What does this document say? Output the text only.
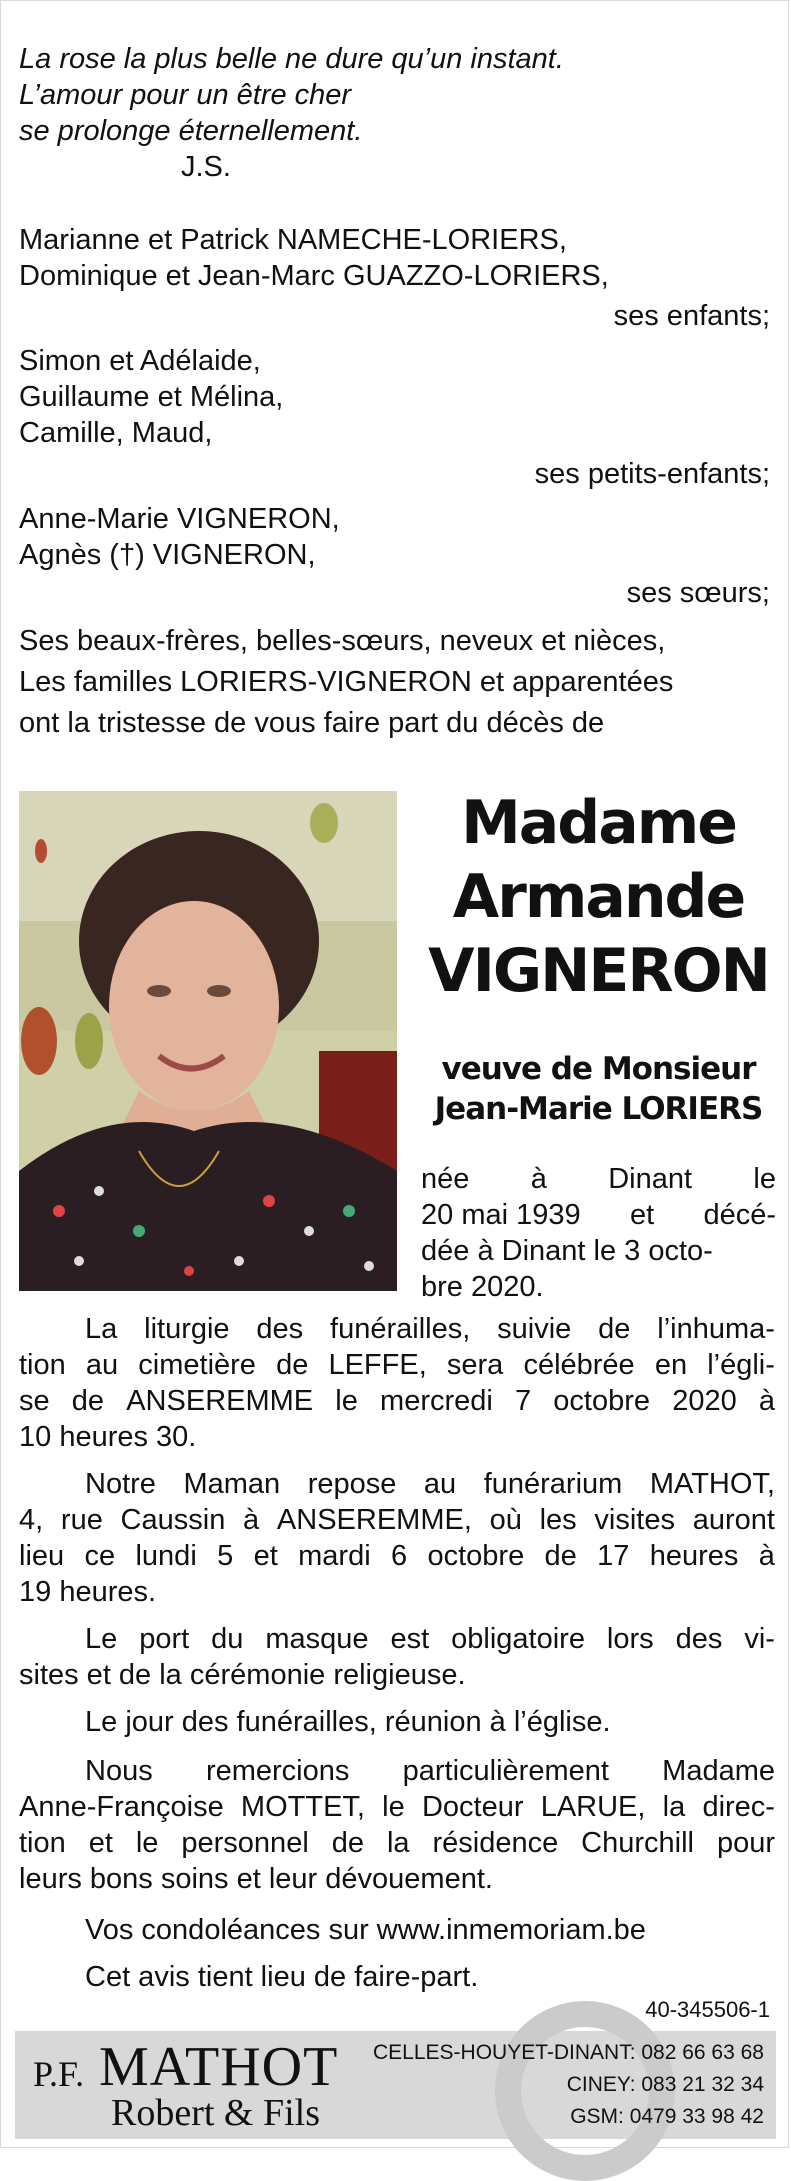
La rose la plus belle ne dure qu’un instant.
L’amour pour un être cher
se prolonge éternellement.
J.S.
Marianne et Patrick NAMECHE-LORIERS,
Dominique et Jean-Marc GUAZZO-LORIERS,
ses enfants;
Simon et Adélaide,
Guillaume et Mélina,
Camille, Maud,
ses petits-enfants;
Anne-Marie VIGNERON,
Agnès (†) VIGNERON,
ses sœurs;
Ses beaux-frères, belles-sœurs, neveux et nièces,
Les familles LORIERS-VIGNERON et apparentées
ont la tristesse de vous faire part du décès de
Madame
Armande
VIGNERON
veuve de Monsieur
Jean-Marie LORIERS
née à Dinant le
20 mai 1939 et décé-
dée à Dinant le 3 octo-
bre 2020.
La liturgie des funérailles, suivie de l’inhuma-
tion au cimetière de LEFFE, sera célébrée en l’égli-
se de ANSEREMME le mercredi 7 octobre 2020 à
10 heures 30.
Notre Maman repose au funérarium MATHOT,
4, rue Caussin à ANSEREMME, où les visites auront
lieu ce lundi 5 et mardi 6 octobre de 17 heures à
19 heures.
Le port du masque est obligatoire lors des vi-
sites et de la cérémonie religieuse.
Le jour des funérailles, réunion à l’église.
Nous remercions particulièrement Madame
Anne-Françoise MOTTET, le Docteur LARUE, la direc-
tion et le personnel de la résidence Churchill pour
leurs bons soins et leur dévouement.
Vos condoléances sur www.inmemoriam.be
Cet avis tient lieu de faire-part.
40-345506-1
P.F. MATHOT
Robert & Fils
CELLES-HOUYET-DINANT: 082 66 63 68
CINEY: 083 21 32 34
GSM: 0479 33 98 42
